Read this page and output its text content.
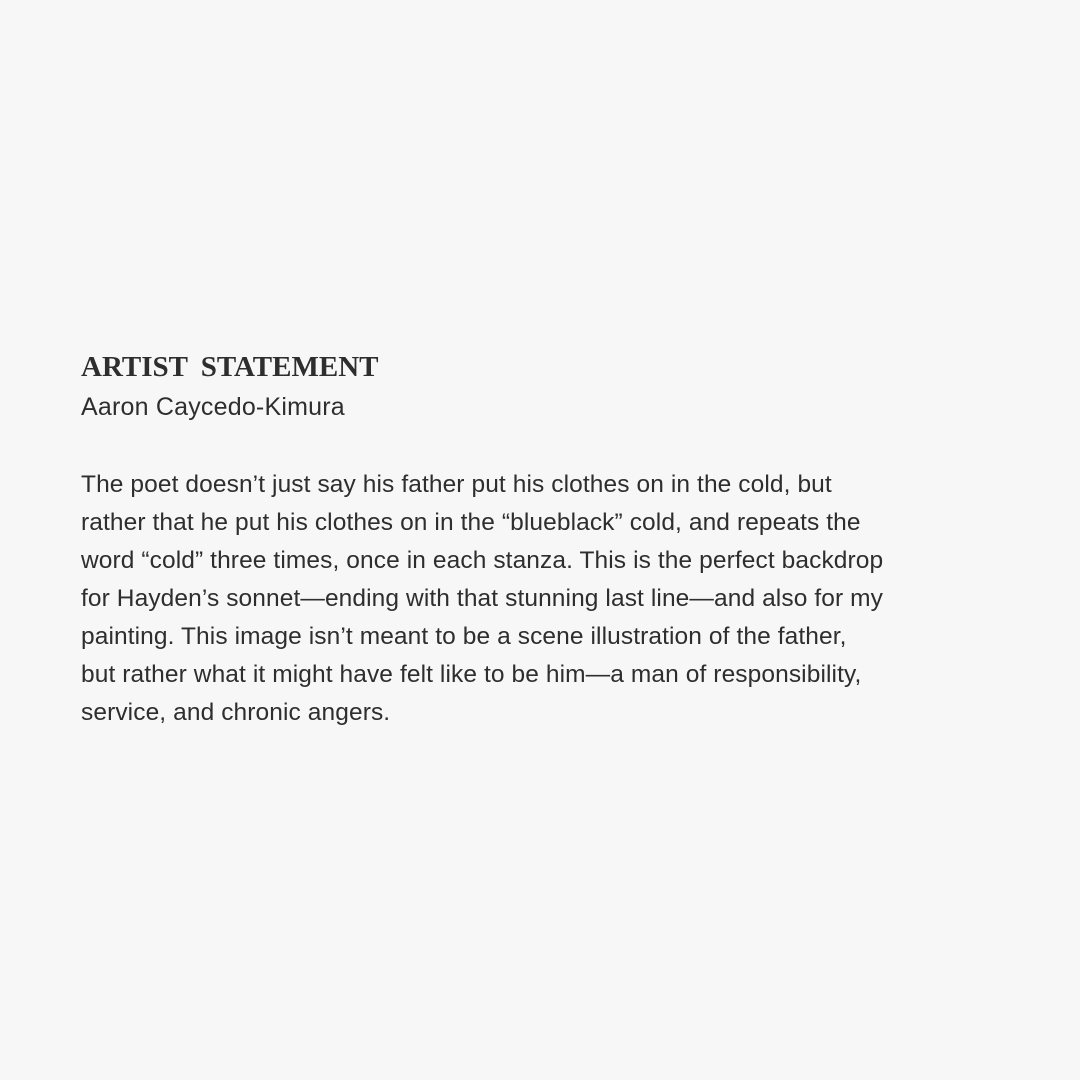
ARTIST STATEMENT
Aaron Caycedo-Kimura
The poet doesn’t just say his father put his clothes on in the cold, but
rather that he put his clothes on in the “blueblack” cold, and repeats the
word “cold” three times, once in each stanza. This is the perfect backdrop
for Hayden’s sonnet—ending with that stunning last line—and also for my
painting. This image isn’t meant to be a scene illustration of the father,
but rather what it might have felt like to be him—a man of responsibility,
service, and chronic angers.
